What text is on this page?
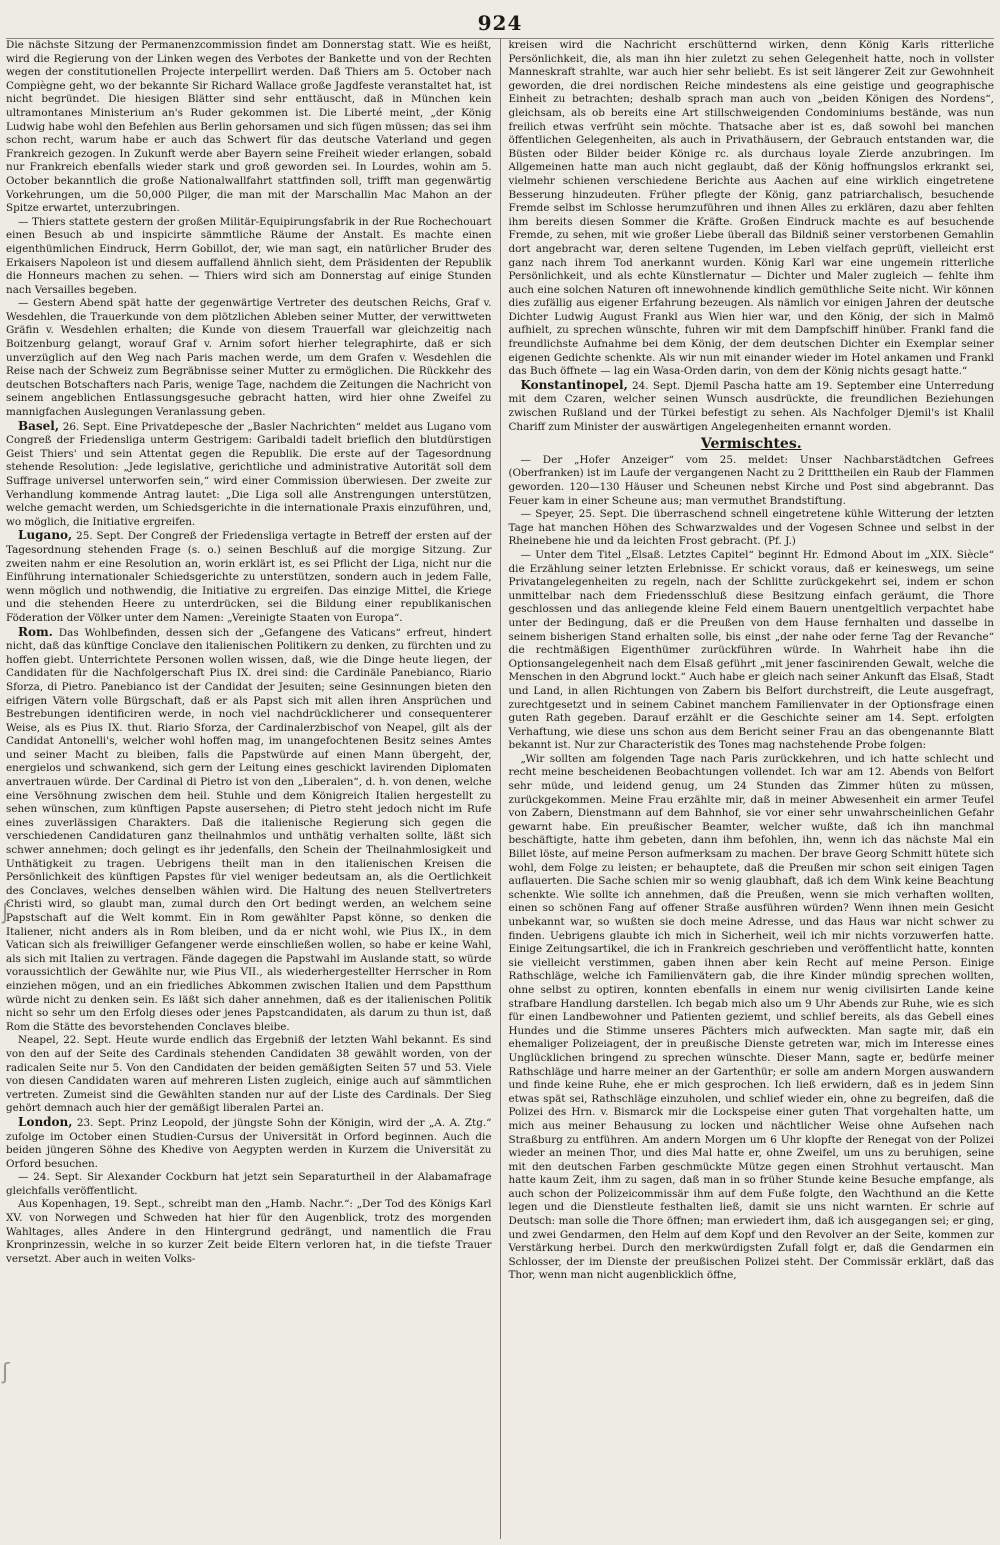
ʃ
ʃ
924

Die nächste Sitzung der Permanenzcommission findet am Donnerstag statt. Wie es heißt, wird die Regierung von der Linken wegen des Verbotes der Bankette und von der Rechten wegen der constitutionellen Projecte interpellirt werden. Daß Thiers am 5. October nach Compiègne geht, wo der bekannte Sir Richard Wallace große Jagdfeste veranstaltet hat, ist nicht begründet. Die hiesigen Blätter sind sehr enttäuscht, daß in München kein ultramontanes Ministerium an's Ruder gekommen ist. Die Liberté meint, „der König Ludwig habe wohl den Befehlen aus Berlin gehorsamen und sich fügen müssen; das sei ihm schon recht, warum habe er auch das Schwert für das deutsche Vaterland und gegen Frankreich gezogen. In Zukunft werde aber Bayern seine Freiheit wieder erlangen, sobald nur Frankreich ebenfalls wieder stark und groß geworden sei. In Lourdes, wohin am 5. October bekanntlich die große Nationalwallfahrt stattfinden soll, trifft man gegenwärtig Vorkehrungen, um die 50,000 Pilger, die man mit der Marschallin Mac Mahon an der Spitze erwartet, unterzubringen.

— Thiers stattete gestern der großen Militär-Equipirungsfabrik in der Rue Rochechouart einen Besuch ab und inspicirte sämmtliche Räume der Anstalt. Es machte einen eigenthümlichen Eindruck, Herrn Gobillot, der, wie man sagt, ein natürlicher Bruder des Erkaisers Napoleon ist und diesem auffallend ähnlich sieht, dem Präsidenten der Republik die Honneurs machen zu sehen. — Thiers wird sich am Donnerstag auf einige Stunden nach Versailles begeben.

— Gestern Abend spät hatte der gegenwärtige Vertreter des deutschen Reichs, Graf v. Wesdehlen, die Trauerkunde von dem plötzlichen Ableben seiner Mutter, der verwittweten Gräfin v. Wesdehlen erhalten; die Kunde von diesem Trauerfall war gleichzeitig nach Boitzenburg gelangt, worauf Graf v. Arnim sofort hierher telegraphirte, daß er sich unverzüglich auf den Weg nach Paris machen werde, um dem Grafen v. Wesdehlen die Reise nach der Schweiz zum Begräbnisse seiner Mutter zu ermöglichen. Die Rückkehr des deutschen Botschafters nach Paris, wenige Tage, nachdem die Zeitungen die Nachricht von seinem angeblichen Entlassungsgesuche gebracht hatten, wird hier ohne Zweifel zu mannigfachen Auslegungen Veranlassung geben.

Basel, 26. Sept. Eine Privatdepesche der „Basler Nachrichten“ meldet aus Lugano vom Congreß der Friedensliga unterm Gestrigem: Garibaldi tadelt brieflich den blutdürstigen Geist Thiers' und sein Attentat gegen die Republik. Die erste auf der Tagesordnung stehende Resolution: „Jede legislative, gerichtliche und administrative Autorität soll dem Suffrage universel unterworfen sein,“ wird einer Commission überwiesen. Der zweite zur Verhandlung kommende Antrag lautet: „Die Liga soll alle Anstrengungen unterstützen, welche gemacht werden, um Schiedsgerichte in die internationale Praxis einzuführen, und, wo möglich, die Initiative ergreifen.

Lugano, 25. Sept. Der Congreß der Friedensliga vertagte in Betreff der ersten auf der Tagesordnung stehenden Frage (s. o.) seinen Beschluß auf die morgige Sitzung. Zur zweiten nahm er eine Resolution an, worin erklärt ist, es sei Pflicht der Liga, nicht nur die Einführung internationaler Schiedsgerichte zu unterstützen, sondern auch in jedem Falle, wenn möglich und nothwendig, die Initiative zu ergreifen. Das einzige Mittel, die Kriege und die stehenden Heere zu unterdrücken, sei die Bildung einer republikanischen Föderation der Völker unter dem Namen: „Vereinigte Staaten von Europa“.

Rom. Das Wohlbefinden, dessen sich der „Gefangene des Vaticans“ erfreut, hindert nicht, daß das künftige Conclave den italienischen Politikern zu denken, zu fürchten und zu hoffen giebt. Unterrichtete Personen wollen wissen, daß, wie die Dinge heute liegen, der Candidaten für die Nachfolgerschaft Pius IX. drei sind: die Cardinäle Panebianco, Riario Sforza, di Pietro. Panebianco ist der Candidat der Jesuiten; seine Gesinnungen bieten den eifrigen Vätern volle Bürgschaft, daß er als Papst sich mit allen ihren Ansprüchen und Bestrebungen identificiren werde, in noch viel nachdrücklicherer und consequenterer Weise, als es Pius IX. thut. Riario Sforza, der Cardinalerzbischof von Neapel, gilt als der Candidat Antonelli's, welcher wohl hoffen mag, im unangefochtenen Besitz seines Amtes und seiner Macht zu bleiben, falls die Papstwürde auf einen Mann übergeht, der, energielos und schwankend, sich gern der Leitung eines geschickt lavirenden Diplomaten anvertrauen würde. Der Cardinal di Pietro ist von den „Liberalen“, d. h. von denen, welche eine Versöhnung zwischen dem heil. Stuhle und dem Königreich Italien hergestellt zu sehen wünschen, zum künftigen Papste ausersehen; di Pietro steht jedoch nicht im Rufe eines zuverlässigen Charakters. Daß die italienische Regierung sich gegen die verschiedenen Candidaturen ganz theilnahmlos und unthätig verhalten sollte, läßt sich schwer annehmen; doch gelingt es ihr jedenfalls, den Schein der Theilnahmlosigkeit und Unthätigkeit zu tragen. Uebrigens theilt man in den italienischen Kreisen die Persönlichkeit des künftigen Papstes für viel weniger bedeutsam an, als die Oertlichkeit des Conclaves, welches denselben wählen wird. Die Haltung des neuen Stellvertreters Christi wird, so glaubt man, zumal durch den Ort bedingt werden, an welchem seine Papstschaft auf die Welt kommt. Ein in Rom gewählter Papst könne, so denken die Italiener, nicht anders als in Rom bleiben, und da er nicht wohl, wie Pius IX., in dem Vatican sich als freiwilliger Gefangener werde einschließen wollen, so habe er keine Wahl, als sich mit Italien zu vertragen. Fände dagegen die Papstwahl im Auslande statt, so würde voraussichtlich der Gewählte nur, wie Pius VII., als wiederhergestellter Herrscher in Rom einziehen mögen, und an ein friedliches Abkommen zwischen Italien und dem Papstthum würde nicht zu denken sein. Es läßt sich daher annehmen, daß es der italienischen Politik nicht so sehr um den Erfolg dieses oder jenes Papstcandidaten, als darum zu thun ist, daß Rom die Stätte des bevorstehenden Conclaves bleibe.

Neapel, 22. Sept. Heute wurde endlich das Ergebniß der letzten Wahl bekannt. Es sind von den auf der Seite des Cardinals stehenden Candidaten 38 gewählt worden, von der radicalen Seite nur 5. Von den Candidaten der beiden gemäßigten Seiten 57 und 53. Viele von diesen Candidaten waren auf mehreren Listen zugleich, einige auch auf sämmtlichen vertreten. Zumeist sind die Gewählten standen nur auf der Liste des Cardinals. Der Sieg gehört demnach auch hier der gemäßigt liberalen Partei an.

London, 23. Sept. Prinz Leopold, der jüngste Sohn der Königin, wird der „A. A. Ztg.“ zufolge im October einen Studien-Cursus der Universität in Orford beginnen. Auch die beiden jüngeren Söhne des Khedive von Aegypten werden in Kurzem die Universität zu Orford besuchen.

— 24. Sept. Sir Alexander Cockburn hat jetzt sein Separaturtheil in der Alabamafrage gleichfalls veröffentlicht.

Aus Kopenhagen, 19. Sept., schreibt man den „Hamb. Nachr.“: „Der Tod des Königs Karl XV. von Norwegen und Schweden hat hier für den Augenblick, trotz des morgenden Wahltages, alles Andere in den Hintergrund gedrängt, und namentlich die Frau Kronprinzessin, welche in so kurzer Zeit beide Eltern verloren hat, in die tiefste Trauer versetzt. Aber auch in weiten Volks-

kreisen wird die Nachricht erschütternd wirken, denn König Karls ritterliche Persönlichkeit, die, als man ihn hier zuletzt zu sehen Gelegenheit hatte, noch in vollster Manneskraft strahlte, war auch hier sehr beliebt. Es ist seit längerer Zeit zur Gewohnheit geworden, die drei nordischen Reiche mindestens als eine geistige und geographische Einheit zu betrachten; deshalb sprach man auch von „beiden Königen des Nordens“, gleichsam, als ob bereits eine Art stillschweigenden Condominiums bestände, was nun freilich etwas verfrüht sein möchte. Thatsache aber ist es, daß sowohl bei manchen öffentlichen Gelegenheiten, als auch in Privathäusern, der Gebrauch entstanden war, die Büsten oder Bilder beider Könige rc. als durchaus loyale Zierde anzubringen. Im Allgemeinen hatte man auch nicht geglaubt, daß der König hoffnungslos erkrankt sei, vielmehr schienen verschiedene Berichte aus Aachen auf eine wirklich eingetretene Besserung hinzudeuten. Früher pflegte der König, ganz patriarchalisch, besuchende Fremde selbst im Schlosse herumzuführen und ihnen Alles zu erklären, dazu aber fehlten ihm bereits diesen Sommer die Kräfte. Großen Eindruck machte es auf besuchende Fremde, zu sehen, mit wie großer Liebe überall das Bildniß seiner verstorbenen Gemahlin dort angebracht war, deren seltene Tugenden, im Leben vielfach geprüft, vielleicht erst ganz nach ihrem Tod anerkannt wurden. König Karl war eine ungemein ritterliche Persönlichkeit, und als echte Künstlernatur — Dichter und Maler zugleich — fehlte ihm auch eine solchen Naturen oft innewohnende kindlich gemüthliche Seite nicht. Wir können dies zufällig aus eigener Erfahrung bezeugen. Als nämlich vor einigen Jahren der deutsche Dichter Ludwig August Frankl aus Wien hier war, und den König, der sich in Malmö aufhielt, zu sprechen wünschte, fuhren wir mit dem Dampfschiff hinüber. Frankl fand die freundlichste Aufnahme bei dem König, der dem deutschen Dichter ein Exemplar seiner eigenen Gedichte schenkte. Als wir nun mit einander wieder im Hotel ankamen und Frankl das Buch öffnete — lag ein Wasa-Orden darin, von dem der König nichts gesagt hatte.“

Konstantinopel, 24. Sept. Djemil Pascha hatte am 19. September eine Unterredung mit dem Czaren, welcher seinen Wunsch ausdrückte, die freundlichen Beziehungen zwischen Rußland und der Türkei befestigt zu sehen. Als Nachfolger Djemil's ist Khalil Chariff zum Minister der auswärtigen Angelegenheiten ernannt worden.

Vermischtes.

— Der „Hofer Anzeiger“ vom 25. meldet: Unser Nachbarstädtchen Gefrees (Oberfranken) ist im Laufe der vergangenen Nacht zu 2 Dritttheilen ein Raub der Flammen geworden. 120—130 Häuser und Scheunen nebst Kirche und Post sind abgebrannt. Das Feuer kam in einer Scheune aus; man vermuthet Brandstiftung.

— Speyer, 25. Sept. Die überraschend schnell eingetretene kühle Witterung der letzten Tage hat manchen Höhen des Schwarzwaldes und der Vogesen Schnee und selbst in der Rheinebene hie und da leichten Frost gebracht. (Pf. J.)

— Unter dem Titel „Elsaß. Letztes Capitel“ beginnt Hr. Edmond About im „XIX. Siècle“ die Erzählung seiner letzten Erlebnisse. Er schickt voraus, daß er keineswegs, um seine Privatangelegenheiten zu regeln, nach der Schlitte zurückgekehrt sei, indem er schon unmittelbar nach dem Friedensschluß diese Besitzung einfach geräumt, die Thore geschlossen und das anliegende kleine Feld einem Bauern unentgeltlich verpachtet habe unter der Bedingung, daß er die Preußen von dem Hause fernhalten und dasselbe in seinem bisherigen Stand erhalten solle, bis einst „der nahe oder ferne Tag der Revanche“ die rechtmäßigen Eigenthümer zurückführen würde. In Wahrheit habe ihn die Optionsangelegenheit nach dem Elsaß geführt „mit jener fascinirenden Gewalt, welche die Menschen in den Abgrund lockt.“ Auch habe er gleich nach seiner Ankunft das Elsaß, Stadt und Land, in allen Richtungen von Zabern bis Belfort durchstreift, die Leute ausgefragt, zurechtgesetzt und in seinem Cabinet manchem Familienvater in der Optionsfrage einen guten Rath gegeben. Darauf erzählt er die Geschichte seiner am 14. Sept. erfolgten Verhaftung, wie diese uns schon aus dem Bericht seiner Frau an das obengenannte Blatt bekannt ist. Nur zur Characteristik des Tones mag nachstehende Probe folgen:

„Wir sollten am folgenden Tage nach Paris zurückkehren, und ich hatte schlecht und recht meine bescheidenen Beobachtungen vollendet. Ich war am 12. Abends von Belfort sehr müde, und leidend genug, um 24 Stunden das Zimmer hüten zu müssen, zurückgekommen. Meine Frau erzählte mir, daß in meiner Abwesenheit ein armer Teufel von Zabern, Dienstmann auf dem Bahnhof, sie vor einer sehr unwahrscheinlichen Gefahr gewarnt habe. Ein preußischer Beamter, welcher wußte, daß ich ihn manchmal beschäftigte, hatte ihm gebeten, dann ihm befohlen, ihn, wenn ich das nächste Mal ein Billet löste, auf meine Person aufmerksam zu machen. Der brave Georg Schmitt hütete sich wohl, dem Folge zu leisten; er behauptete, daß die Preußen mir schon seit einigen Tagen auflauerten. Die Sache schien mir so wenig glaubhaft, daß ich dem Wink keine Beachtung schenkte. Wie sollte ich annehmen, daß die Preußen, wenn sie mich verhaften wollten, einen so schönen Fang auf offener Straße ausführen würden? Wenn ihnen mein Gesicht unbekannt war, so wußten sie doch meine Adresse, und das Haus war nicht schwer zu finden. Uebrigens glaubte ich mich in Sicherheit, weil ich mir nichts vorzuwerfen hatte. Einige Zeitungsartikel, die ich in Frankreich geschrieben und veröffentlicht hatte, konnten sie vielleicht verstimmen, gaben ihnen aber kein Recht auf meine Person. Einige Rathschläge, welche ich Familienvätern gab, die ihre Kinder mündig sprechen wollten, ohne selbst zu optiren, konnten ebenfalls in einem nur wenig civilisirten Lande keine strafbare Handlung darstellen. Ich begab mich also um 9 Uhr Abends zur Ruhe, wie es sich für einen Landbewohner und Patienten geziemt, und schlief bereits, als das Gebell eines Hundes und die Stimme unseres Pächters mich aufweckten. Man sagte mir, daß ein ehemaliger Polizeiagent, der in preußische Dienste getreten war, mich im Interesse eines Unglücklichen bringend zu sprechen wünschte. Dieser Mann, sagte er, bedürfe meiner Rathschläge und harre meiner an der Gartenthür; er solle am andern Morgen auswandern und finde keine Ruhe, ehe er mich gesprochen. Ich ließ erwidern, daß es in jedem Sinn etwas spät sei, Rathschläge einzuholen, und schlief wieder ein, ohne zu begreifen, daß die Polizei des Hrn. v. Bismarck mir die Lockspeise einer guten That vorgehalten hatte, um mich aus meiner Behausung zu locken und nächtlicher Weise ohne Aufsehen nach Straßburg zu entführen. Am andern Morgen um 6 Uhr klopfte der Renegat von der Polizei wieder an meinen Thor, und dies Mal hatte er, ohne Zweifel, um uns zu beruhigen, seine mit den deutschen Farben geschmückte Mütze gegen einen Strohhut vertauscht. Man hatte kaum Zeit, ihm zu sagen, daß man in so früher Stunde keine Besuche empfange, als auch schon der Polizeicommissär ihm auf dem Fuße folgte, den Wachthund an die Kette legen und die Dienstleute festhalten ließ, damit sie uns nicht warnten. Er schrie auf Deutsch: man solle die Thore öffnen; man erwiedert ihm, daß ich ausgegangen sei; er ging, und zwei Gendarmen, den Helm auf dem Kopf und den Revolver an der Seite, kommen zur Verstärkung herbei. Durch den merkwürdigsten Zufall folgt er, daß die Gendarmen ein Schlosser, der im Dienste der preußischen Polizei steht. Der Commissär erklärt, daß das Thor, wenn man nicht augenblicklich öffne,
